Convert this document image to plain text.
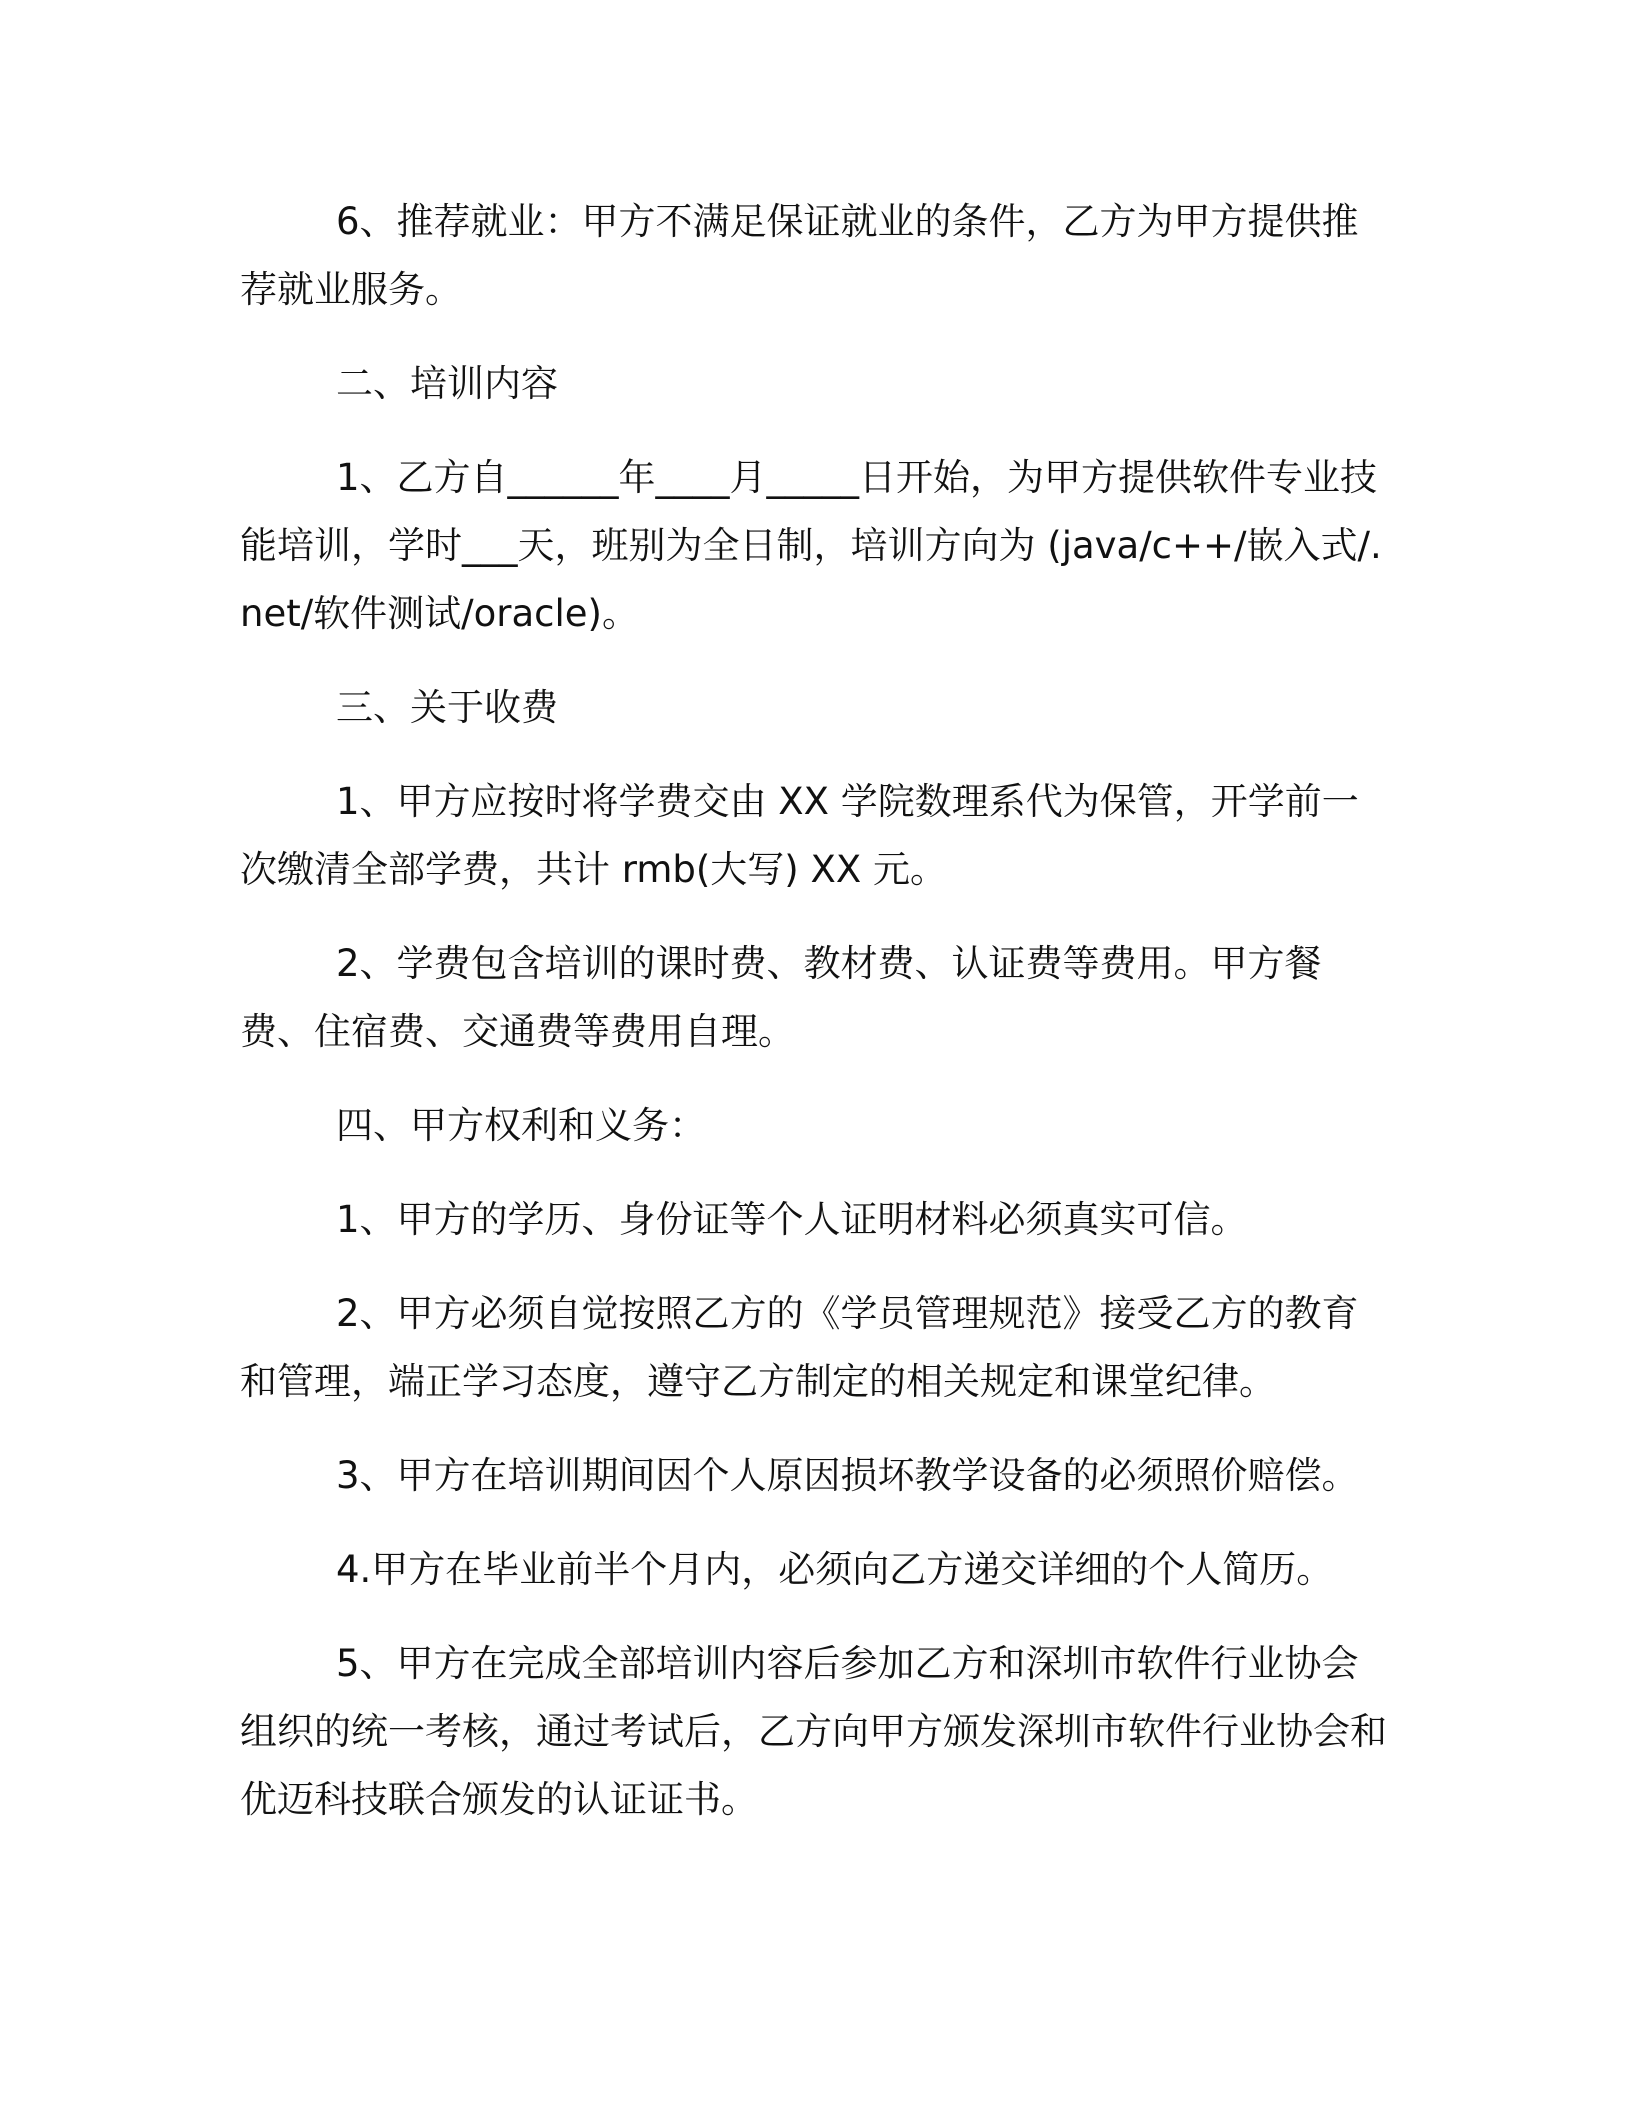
6、推荐就业：甲方不满足保证就业的条件，乙方为甲方提供推荐就业服务。

二、培训内容

1、乙方自______年____月_____日开始，为甲方提供软件专业技能培训，学时___天，班别为全日制，培训方向为 (java/c++/嵌入式/.net/软件测试/oracle)。

三、关于收费

1、甲方应按时将学费交由 XX 学院数理系代为保管，开学前一次缴清全部学费，共计 rmb(大写) XX 元。

2、学费包含培训的课时费、教材费、认证费等费用。甲方餐费、住宿费、交通费等费用自理。

四、甲方权利和义务：

1、甲方的学历、身份证等个人证明材料必须真实可信。

2、甲方必须自觉按照乙方的《学员管理规范》接受乙方的教育和管理，端正学习态度，遵守乙方制定的相关规定和课堂纪律。

3、甲方在培训期间因个人原因损坏教学设备的必须照价赔偿。

4.甲方在毕业前半个月内，必须向乙方递交详细的个人简历。

5、甲方在完成全部培训内容后参加乙方和深圳市软件行业协会组织的统一考核，通过考试后，乙方向甲方颁发深圳市软件行业协会和优迈科技联合颁发的认证证书。
